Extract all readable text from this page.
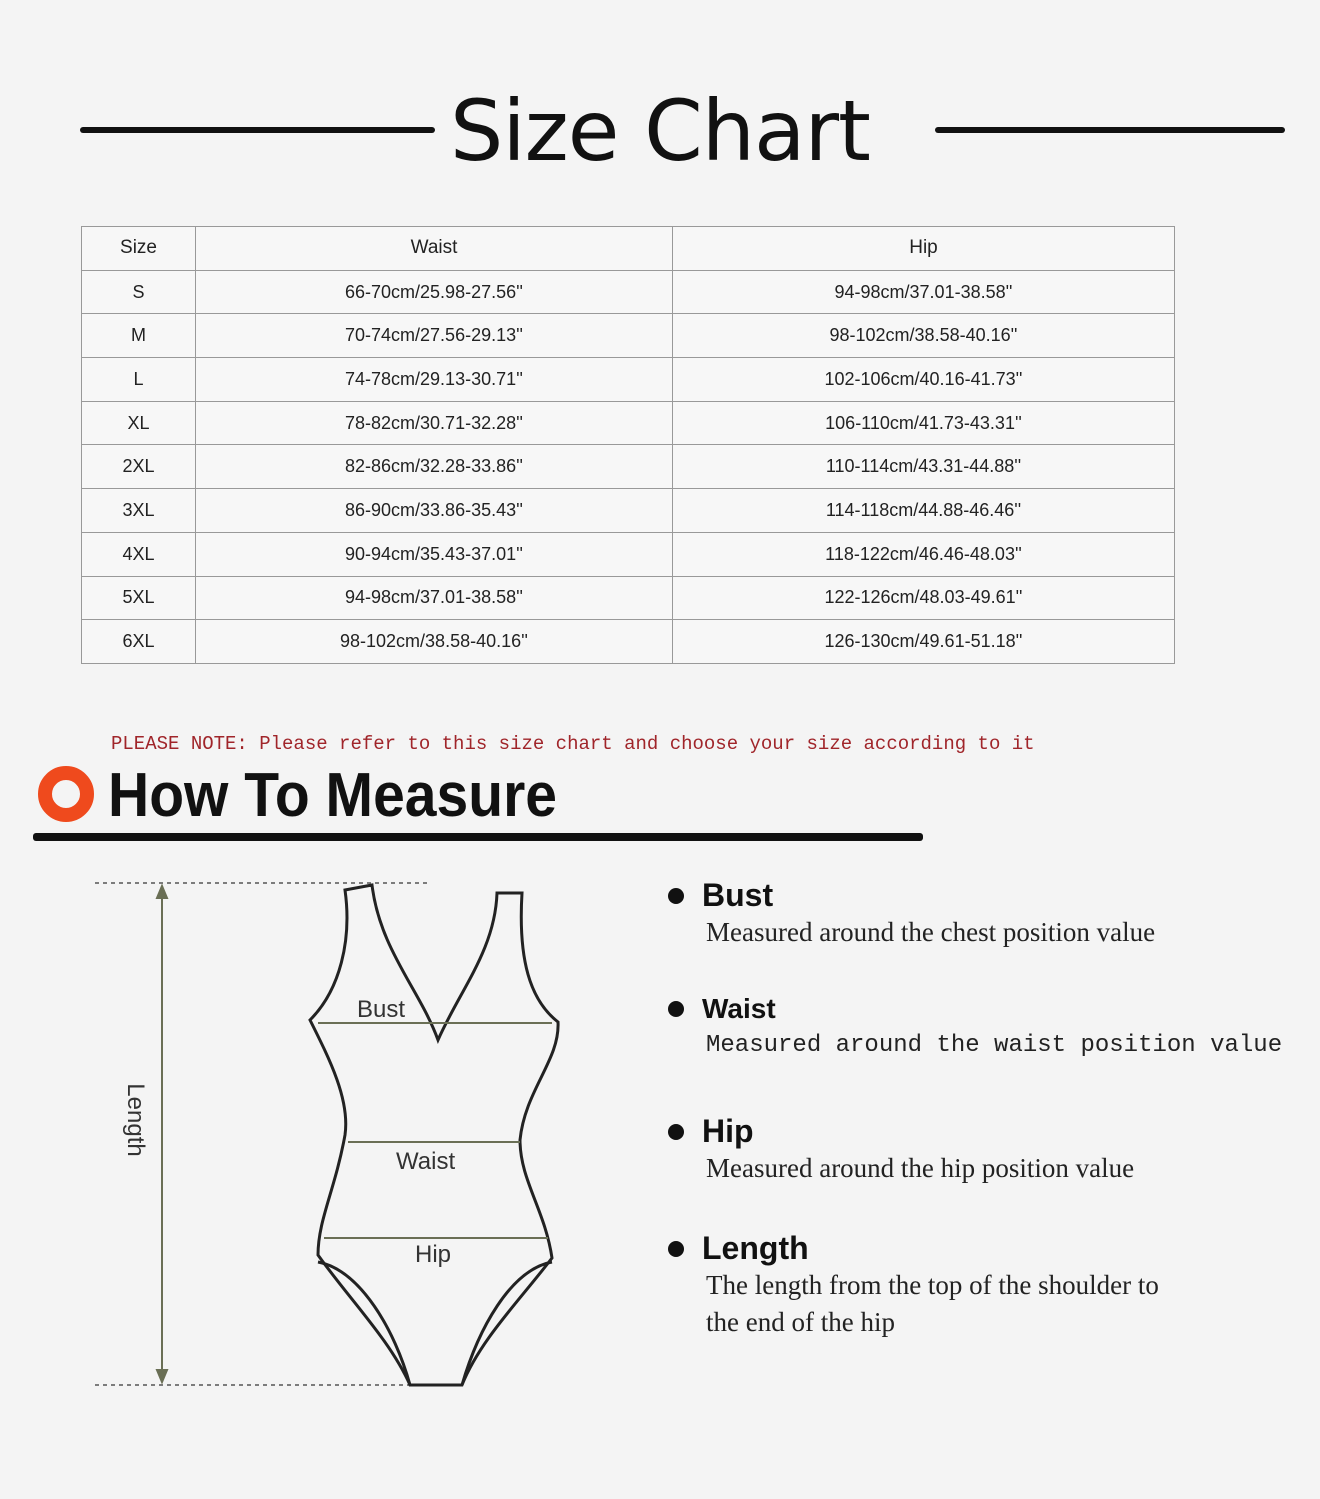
Size Chart
Size	Waist	Hip
S	66-70cm/25.98-27.56''	94-98cm/37.01-38.58''
M	70-74cm/27.56-29.13''	98-102cm/38.58-40.16''
L	74-78cm/29.13-30.71''	102-106cm/40.16-41.73''
XL	78-82cm/30.71-32.28''	106-110cm/41.73-43.31''
2XL	82-86cm/32.28-33.86''	110-114cm/43.31-44.88''
3XL	86-90cm/33.86-35.43''	114-118cm/44.88-46.46''
4XL	90-94cm/35.43-37.01''	118-122cm/46.46-48.03''
5XL	94-98cm/37.01-38.58''	122-126cm/48.03-49.61''
6XL	98-102cm/38.58-40.16''	126-130cm/49.61-51.18''
PLEASE NOTE: Please refer to this size chart and choose your size according to it
How To Measure
Length
Bust
Waist
Hip
Bust
Measured around the chest position value
Waist
Measured around the waist position value
Hip
Measured around the hip position value
Length
The length from the top of the shoulder to
the end of the hip
